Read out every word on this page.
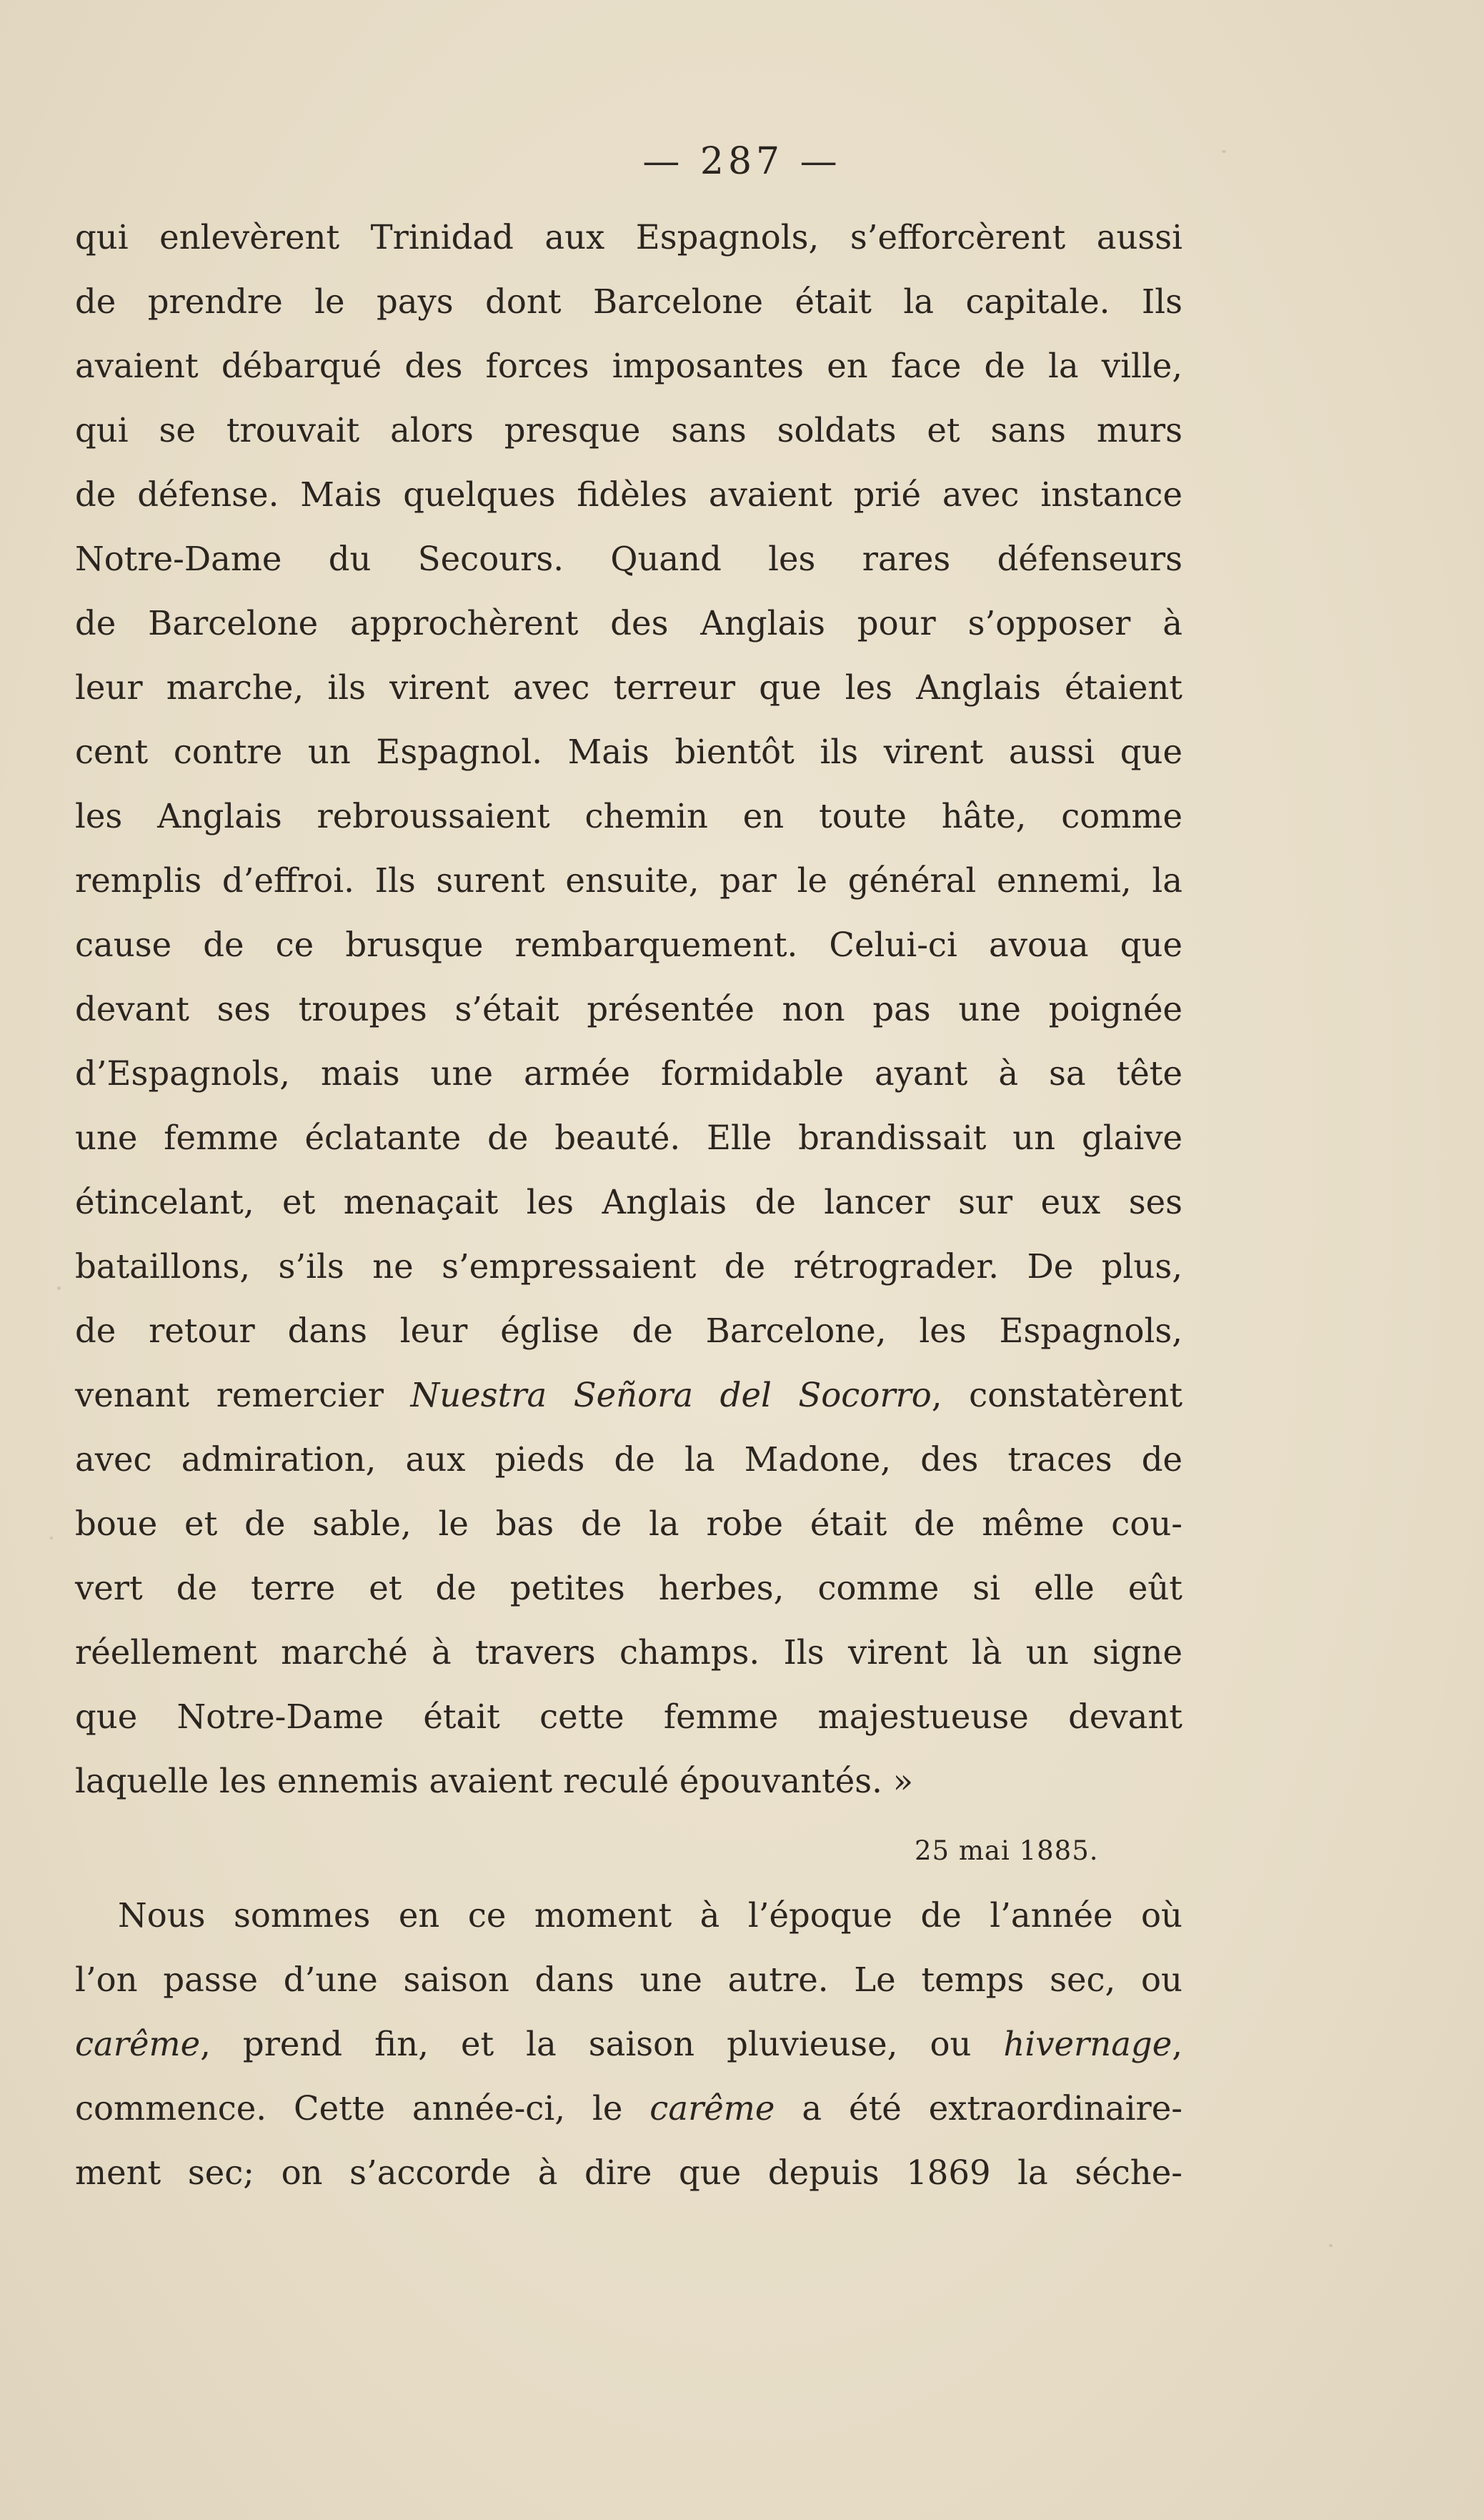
— 287 —
qui enlevèrent Trinidad aux Espagnols, s’efforcèrent aussi
de prendre le pays dont Barcelone était la capitale. Ils
avaient débarqué des forces imposantes en face de la ville,
qui se trouvait alors presque sans soldats et sans murs
de défense. Mais quelques fidèles avaient prié avec instance
Notre-Dame du Secours. Quand les rares défenseurs
de Barcelone approchèrent des Anglais pour s’opposer à
leur marche, ils virent avec terreur que les Anglais étaient
cent contre un Espagnol. Mais bientôt ils virent aussi que
les Anglais rebroussaient chemin en toute hâte, comme
remplis d’effroi. Ils surent ensuite, par le général ennemi, la
cause de ce brusque rembarquement. Celui-ci avoua que
devant ses troupes s’était présentée non pas une poignée
d’Espagnols, mais une armée formidable ayant à sa tête
une femme éclatante de beauté. Elle brandissait un glaive
étincelant, et menaçait les Anglais de lancer sur eux ses
bataillons, s’ils ne s’empressaient de rétrograder. De plus,
de retour dans leur église de Barcelone, les Espagnols,
venant remercier Nuestra Señora del Socorro, constatèrent
avec admiration, aux pieds de la Madone, des traces de
boue et de sable, le bas de la robe était de même cou-
vert de terre et de petites herbes, comme si elle eût
réellement marché à travers champs. Ils virent là un signe
que Notre-Dame était cette femme majestueuse devant
laquelle les ennemis avaient reculé épouvantés. »
25 mai 1885.
Nous sommes en ce moment à l’époque de l’année où
l’on passe d’une saison dans une autre. Le temps sec, ou
carême, prend fin, et la saison pluvieuse, ou hivernage,
commence. Cette année-ci, le carême a été extraordinaire-
ment sec; on s’accorde à dire que depuis 1869 la séche-
